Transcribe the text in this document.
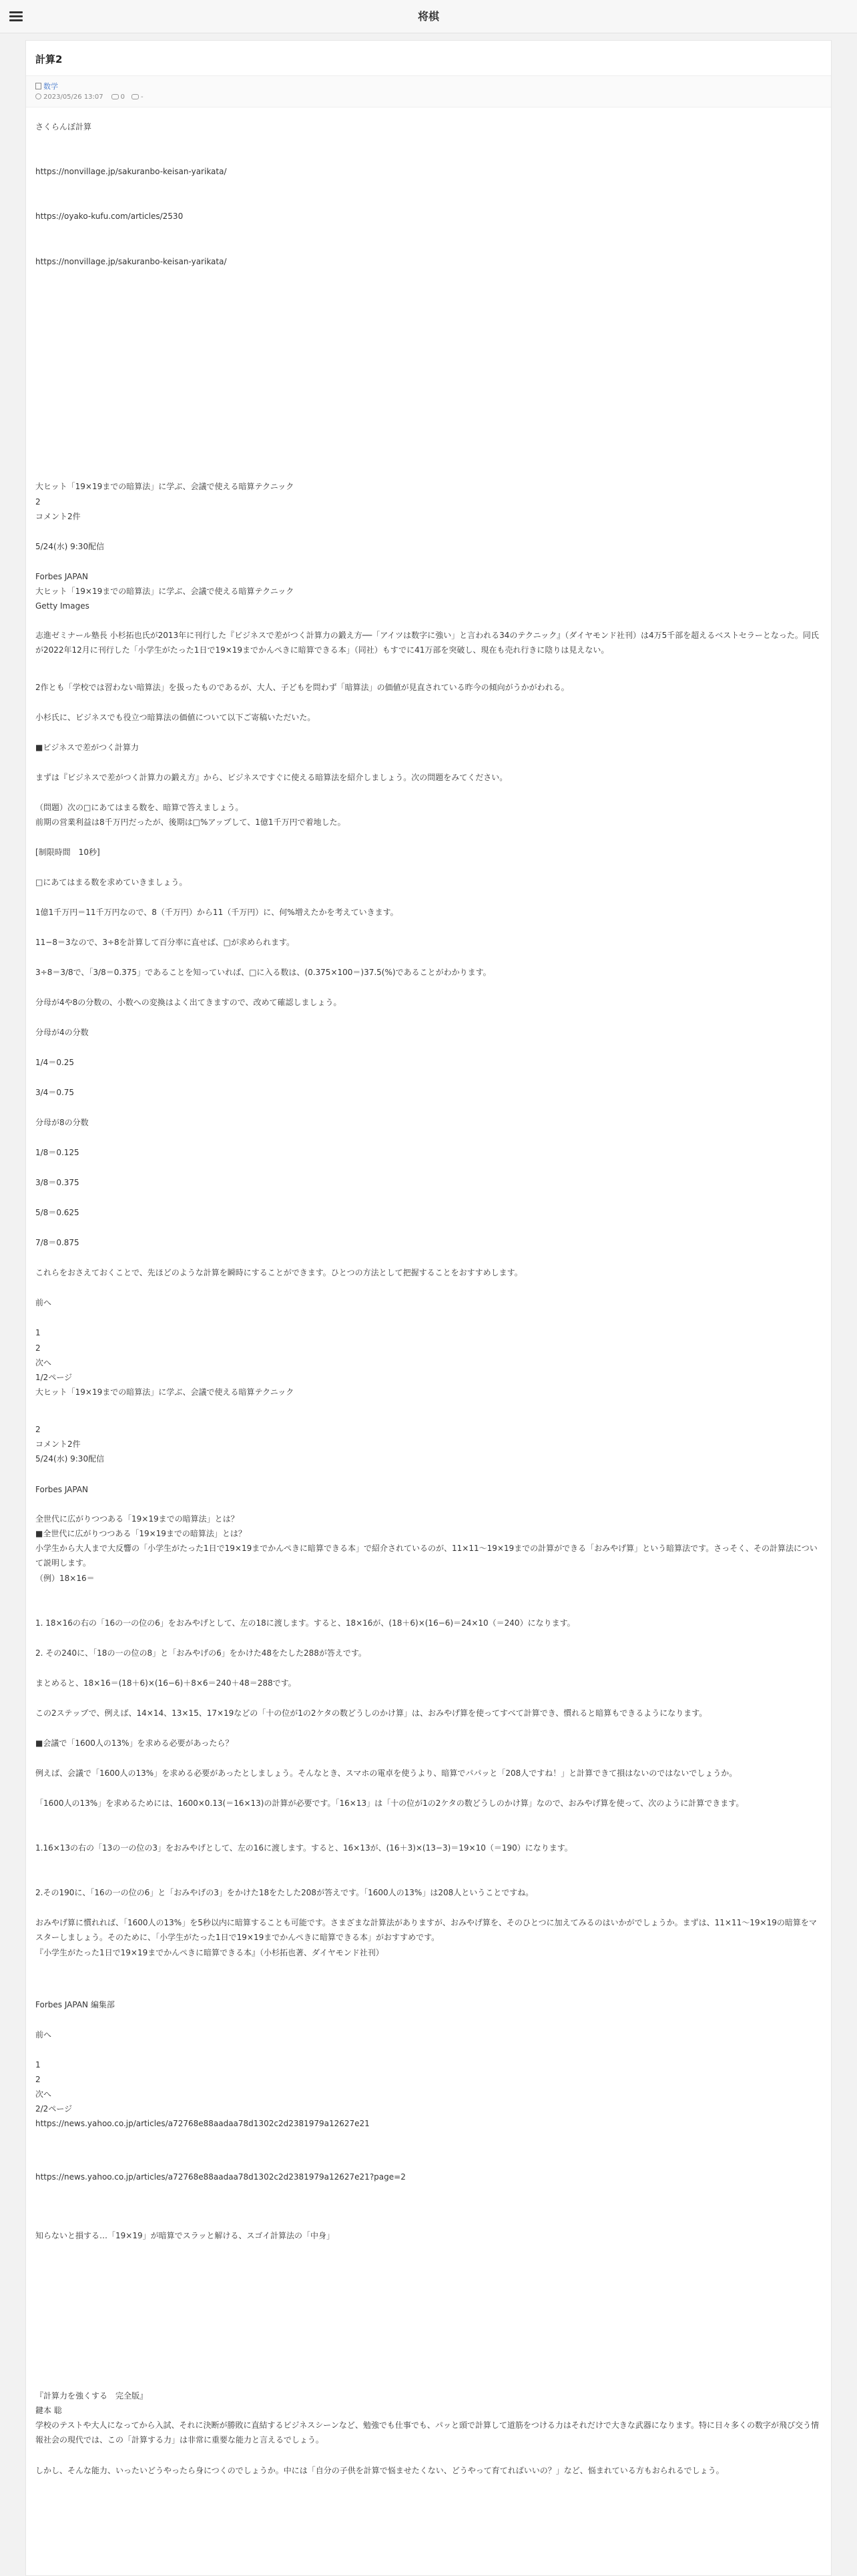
将棋
計算2
数学
2023/05/26 13:07	0 -

さくらんぼ計算

https://nonvillage.jp/sakuranbo-keisan-yarikata/

https://oyako-kufu.com/articles/2530

https://nonvillage.jp/sakuranbo-keisan-yarikata/

大ヒット「19×19までの暗算法」に学ぶ、会議で使える暗算テクニック

2

コメント2件

5/24(水) 9:30配信

Forbes JAPAN

大ヒット「19×19までの暗算法」に学ぶ、会議で使える暗算テクニック

Getty Images

志進ゼミナール塾長 小杉拓也氏が2013年に刊行した『ビジネスで差がつく計算力の鍛え方──「アイツは数字に強い」と言われる34のテクニック』（ダイヤモンド社刊）は4万5千部を超えるベストセラーとなった。同氏が2022年12月に刊行した「小学生がたった1日で19×19までかんぺきに暗算できる本」（同社）もすでに41万部を突破し、現在も売れ行きに陰りは見えない。

2作とも「学校では習わない暗算法」を扱ったものであるが、大人、子どもを問わず「暗算法」の価値が見直されている昨今の傾向がうかがわれる。

小杉氏に、ビジネスでも役立つ暗算法の価値について以下ご寄稿いただいた。

■ビジネスで差がつく計算力

まずは『ビジネスで差がつく計算力の鍛え方』から、ビジネスですぐに使える暗算法を紹介しましょう。次の問題をみてください。

（問題）次の□にあてはまる数を、暗算で答えましょう。

前期の営業利益は8千万円だったが、後期は□%アップして、1億1千万円で着地した。

[制限時間　10秒]

□にあてはまる数を求めていきましょう。

1億1千万円＝11千万円なので、8（千万円）から11（千万円）に、何%増えたかを考えていきます。

11−8＝3なので、3÷8を計算して百分率に直せば、□が求められます。

3÷8＝3/8で、「3/8＝0.375」であることを知っていれば、□に入る数は、(0.375×100＝)37.5(%)であることがわかります。

分母が4や8の分数の、小数への変換はよく出てきますので、改めて確認しましょう。

分母が4の分数

1/4＝0.25

3/4＝0.75

分母が8の分数

1/8＝0.125

3/8＝0.375

5/8＝0.625

7/8＝0.875

これらをおさえておくことで、先ほどのような計算を瞬時にすることができます。ひとつの方法として把握することをおすすめします。

前へ

1

2

次へ

1/2ページ

大ヒット「19×19までの暗算法」に学ぶ、会議で使える暗算テクニック

2

コメント2件

5/24(水) 9:30配信

Forbes JAPAN

全世代に広がりつつある「19×19までの暗算法」とは？

■全世代に広がりつつある「19×19までの暗算法」とは？

小学生から大人まで大反響の「小学生がたった1日で19×19までかんぺきに暗算できる本」で紹介されているのが、11×11〜19×19までの計算ができる「おみやげ算」という暗算法です。さっそく、その計算法について説明します。

（例）18×16＝

1. 18×16の右の「16の一の位の6」をおみやげとして、左の18に渡します。すると、18×16が、(18＋6)×(16−6)＝24×10（＝240）になります。

2. その240に、「18の一の位の8」と「おみやげの6」をかけた48をたした288が答えです。

まとめると、18×16＝(18＋6)×(16−6)＋8×6＝240＋48＝288です。

この2ステップで、例えば、14×14、13×15、17×19などの「十の位が1の2ケタの数どうしのかけ算」は、おみやげ算を使ってすべて計算でき、慣れると暗算もできるようになります。

■会議で「1600人の13%」を求める必要があったら？

例えば、会議で「1600人の13%」を求める必要があったとしましょう。そんなとき、スマホの電卓を使うより、暗算でパパッと「208人ですね！」と計算できて損はないのではないでしょうか。

「1600人の13%」を求めるためには、1600×0.13(＝16×13)の計算が必要です。「16×13」は「十の位が1の2ケタの数どうしのかけ算」なので、おみやげ算を使って、次のように計算できます。

1.16×13の右の「13の一の位の3」をおみやげとして、左の16に渡します。すると、16×13が、(16＋3)×(13−3)＝19×10（＝190）になります。

2.その190に、「16の一の位の6」と「おみやげの3」をかけた18をたした208が答えです。「1600人の13%」は208人ということですね。

おみやげ算に慣れれば、「1600人の13%」を5秒以内に暗算することも可能です。さまざまな計算法がありますが、おみやげ算を、そのひとつに加えてみるのはいかがでしょうか。まずは、11×11〜19×19の暗算をマスターしましょう。そのために、「小学生がたった1日で19×19までかんぺきに暗算できる本」がおすすめです。

『小学生がたった1日で19×19までかんぺきに暗算できる本』（小杉拓也著、ダイヤモンド社刊）

Forbes JAPAN 編集部

前へ

1

2

次へ

2/2ページ

https://news.yahoo.co.jp/articles/a72768e88aadaa78d1302c2d2381979a12627e21

https://news.yahoo.co.jp/articles/a72768e88aadaa78d1302c2d2381979a12627e21?page=2

知らないと損する…「19×19」が暗算でスラッと解ける、スゴイ計算法の「中身」

『計算力を強くする　完全版』

鍵本 聡

学校のテストや大人になってから入試、それに決断が勝敗に直結するビジネスシーンなど、勉強でも仕事でも、パッと頭で計算して道筋をつける力はそれだけで大きな武器になります。特に日々多くの数字が飛び交う情報社会の現代では、この「計算する力」は非常に重要な能力と言えるでしょう。

しかし、そんな能力、いったいどうやったら身につくのでしょうか。中には「自分の子供を計算で悩ませたくない、どうやって育てればいいの？」など、悩まれている方もおられるでしょう。
